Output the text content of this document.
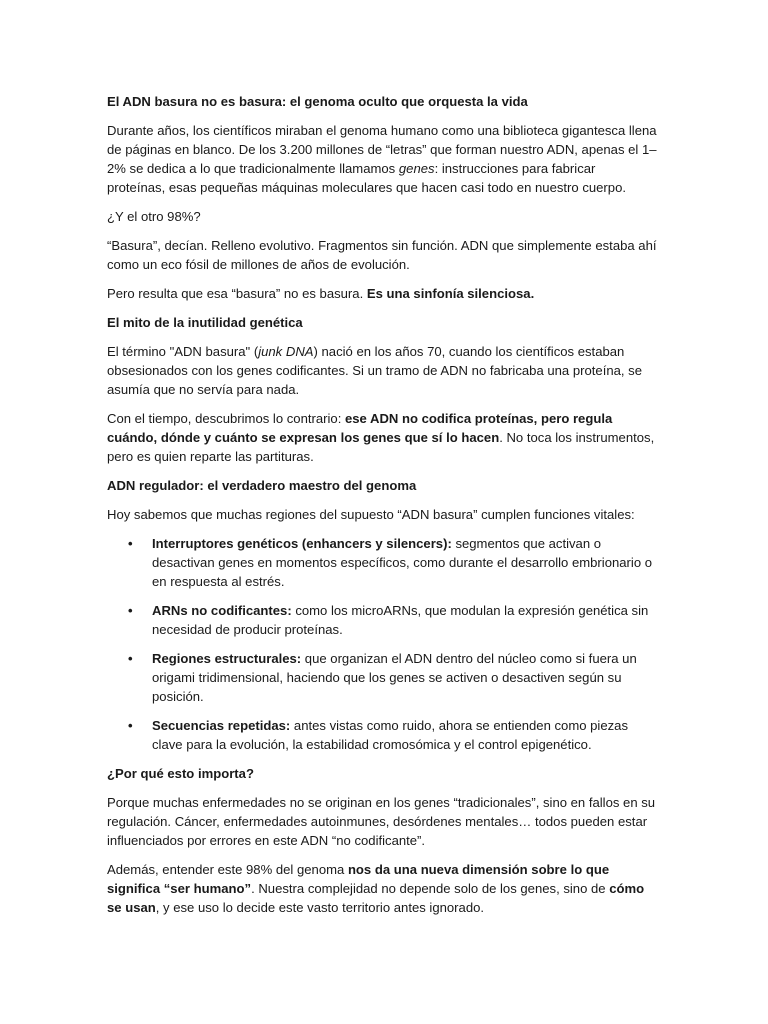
El ADN basura no es basura: el genoma oculto que orquesta la vida

Durante años, los científicos miraban el genoma humano como una biblioteca gigantesca llena de páginas en blanco. De los 3.200 millones de “letras” que forman nuestro ADN, apenas el 1–2% se dedica a lo que tradicionalmente llamamos genes: instrucciones para fabricar proteínas, esas pequeñas máquinas moleculares que hacen casi todo en nuestro cuerpo.

¿Y el otro 98%?

“Basura”, decían. Relleno evolutivo. Fragmentos sin función. ADN que simplemente estaba ahí como un eco fósil de millones de años de evolución.

Pero resulta que esa “basura” no es basura. Es una sinfonía silenciosa.

El mito de la inutilidad genética

El término "ADN basura" (junk DNA) nació en los años 70, cuando los científicos estaban obsesionados con los genes codificantes. Si un tramo de ADN no fabricaba una proteína, se asumía que no servía para nada.

Con el tiempo, descubrimos lo contrario: ese ADN no codifica proteínas, pero regula cuándo, dónde y cuánto se expresan los genes que sí lo hacen. No toca los instrumentos, pero es quien reparte las partituras.

ADN regulador: el verdadero maestro del genoma

Hoy sabemos que muchas regiones del supuesto “ADN basura” cumplen funciones vitales:

• Interruptores genéticos (enhancers y silencers): segmentos que activan o desactivan genes en momentos específicos, como durante el desarrollo embrionario o en respuesta al estrés.
• ARNs no codificantes: como los microARNs, que modulan la expresión genética sin necesidad de producir proteínas.
• Regiones estructurales: que organizan el ADN dentro del núcleo como si fuera un origami tridimensional, haciendo que los genes se activen o desactiven según su posición.
• Secuencias repetidas: antes vistas como ruido, ahora se entienden como piezas clave para la evolución, la estabilidad cromosómica y el control epigenético.

¿Por qué esto importa?

Porque muchas enfermedades no se originan en los genes “tradicionales”, sino en fallos en su regulación. Cáncer, enfermedades autoinmunes, desórdenes mentales… todos pueden estar influenciados por errores en este ADN “no codificante”.

Además, entender este 98% del genoma nos da una nueva dimensión sobre lo que significa “ser humano”. Nuestra complejidad no depende solo de los genes, sino de cómo se usan, y ese uso lo decide este vasto territorio antes ignorado.
